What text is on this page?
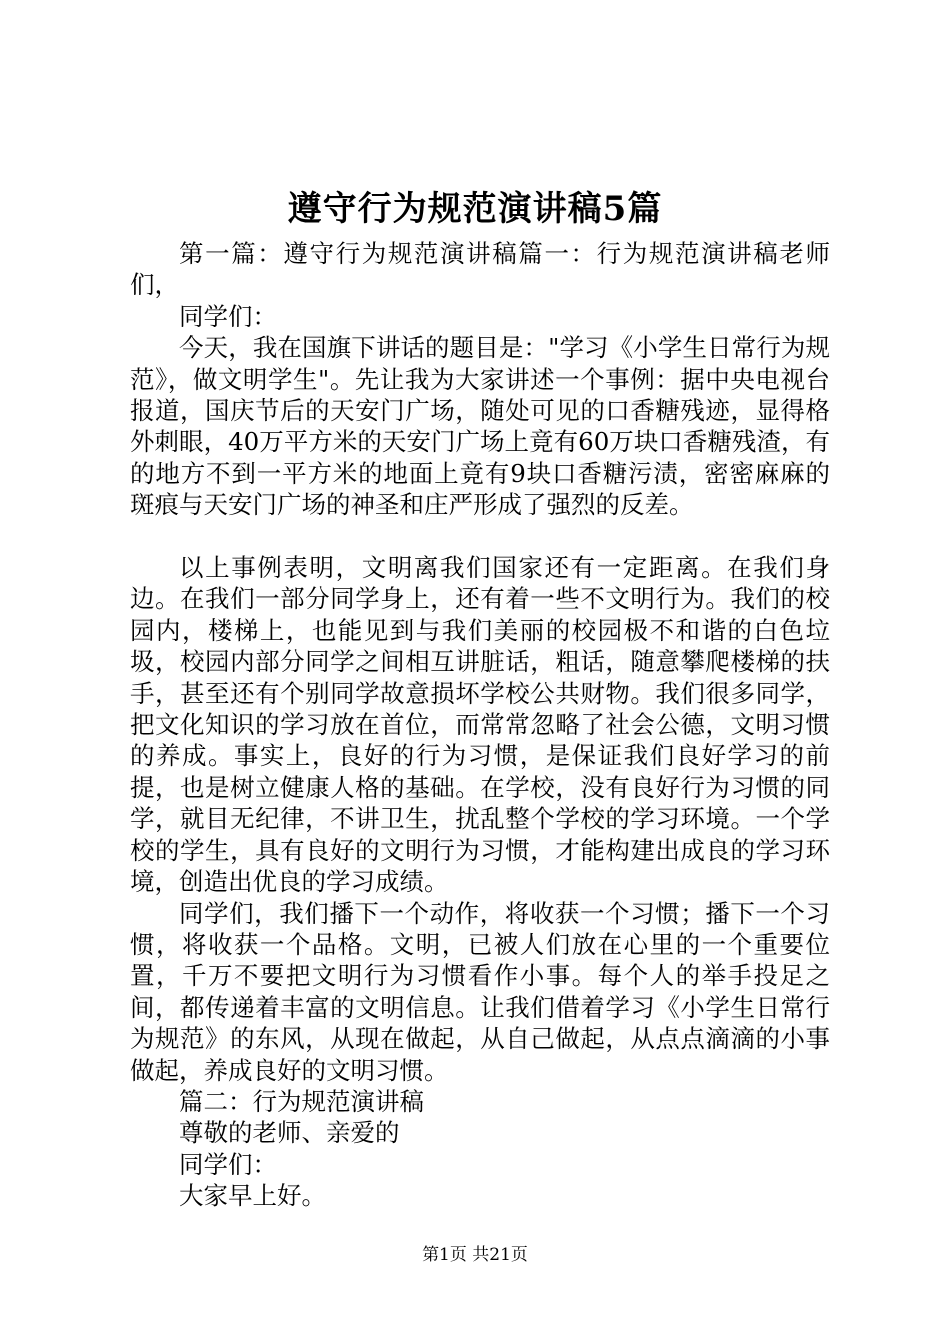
遵守行为规范演讲稿5篇

第一篇：遵守行为规范演讲稿篇一：行为规范演讲稿老师们，

同学们：

今天，我在国旗下讲话的题目是："学习《小学生日常行为规范》，做文明学生"。先让我为大家讲述一个事例：据中央电视台报道，国庆节后的天安门广场，随处可见的口香糖残迹，显得格外刺眼，40万平方米的天安门广场上竟有60万块口香糖残渣，有的地方不到一平方米的地面上竟有9块口香糖污渍，密密麻麻的斑痕与天安门广场的神圣和庄严形成了强烈的反差。

以上事例表明，文明离我们国家还有一定距离。在我们身边。在我们一部分同学身上，还有着一些不文明行为。我们的校园内，楼梯上，也能见到与我们美丽的校园极不和谐的白色垃圾，校园内部分同学之间相互讲脏话，粗话，随意攀爬楼梯的扶手，甚至还有个别同学故意损坏学校公共财物。我们很多同学，把文化知识的学习放在首位，而常常忽略了社会公德，文明习惯的养成。事实上，良好的行为习惯，是保证我们良好学习的前提，也是树立健康人格的基础。在学校，没有良好行为习惯的同学，就目无纪律，不讲卫生，扰乱整个学校的学习环境。一个学校的学生，具有良好的文明行为习惯，才能构建出成良的学习环境，创造出优良的学习成绩。

同学们，我们播下一个动作，将收获一个习惯；播下一个习惯，将收获一个品格。文明，已被人们放在心里的一个重要位置，千万不要把文明行为习惯看作小事。每个人的举手投足之间，都传递着丰富的文明信息。让我们借着学习《小学生日常行为规范》的东风，从现在做起，从自己做起，从点点滴滴的小事做起，养成良好的文明习惯。

篇二：行为规范演讲稿

尊敬的老师、亲爱的

同学们：

大家早上好。

第1页 共21页
